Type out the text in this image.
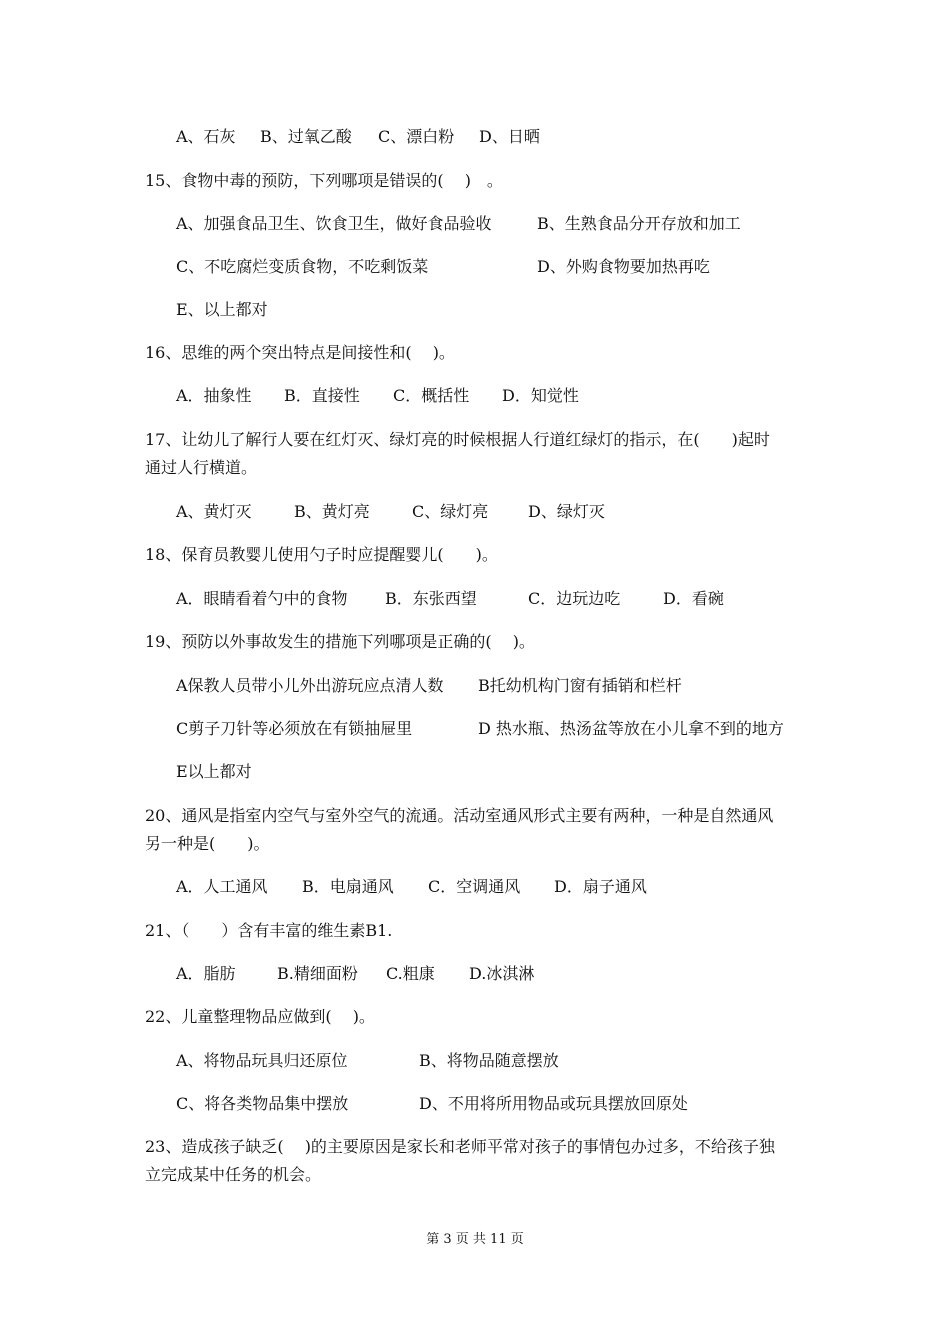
A、石灰 B、过氧乙酸 C、漂白粉 D、日晒
15、食物中毒的预防，下列哪项是错误的(　 )　。
A、加强食品卫生、饮食卫生，做好食品验收	B、生熟食品分开存放和加工
C、不吃腐烂变质食物，不吃剩饭菜	D、外购食物要加热再吃
E、以上都对
16、思维的两个突出特点是间接性和(　 )。
A．抽象性 B．直接性 C．概括性 D．知觉性
17、让幼儿了解行人要在红灯灭、绿灯亮的时候根据人行道红绿灯的指示，在(　　)起时
通过人行横道。
A、黄灯灭	B、黄灯亮	C、绿灯亮 D、绿灯灭
18、保育员教婴儿使用勺子时应提醒婴儿(　　)。
A．眼睛看着勺中的食物 B．东张西望	C．边玩边吃	D．看碗
19、预防以外事故发生的措施下列哪项是正确的(　 )。
A保教人员带小儿外出游玩应点清人数 B托幼机构门窗有插销和栏杆
C剪子刀针等必须放在有锁抽屉里	D 热水瓶、热汤盆等放在小儿拿不到的地方
E以上都对
20、通风是指室内空气与室外空气的流通。活动室通风形式主要有两种，一种是自然通风
另一种是(　　)。
A．人工通风 B．电扇通风 C．空调通风 D．扇子通风
21、（　　）含有丰富的维生素B1.
A．脂肪	B.精细面粉 C.粗康 D.冰淇淋
22、儿童整理物品应做到(　 )。
A、将物品玩具归还原位	B、将物品随意摆放
C、将各类物品集中摆放	D、不用将所用物品或玩具摆放回原处
23、造成孩子缺乏(　 )的主要原因是家长和老师平常对孩子的事情包办过多，不给孩子独
立完成某中任务的机会。
第 3 页 共 11 页
